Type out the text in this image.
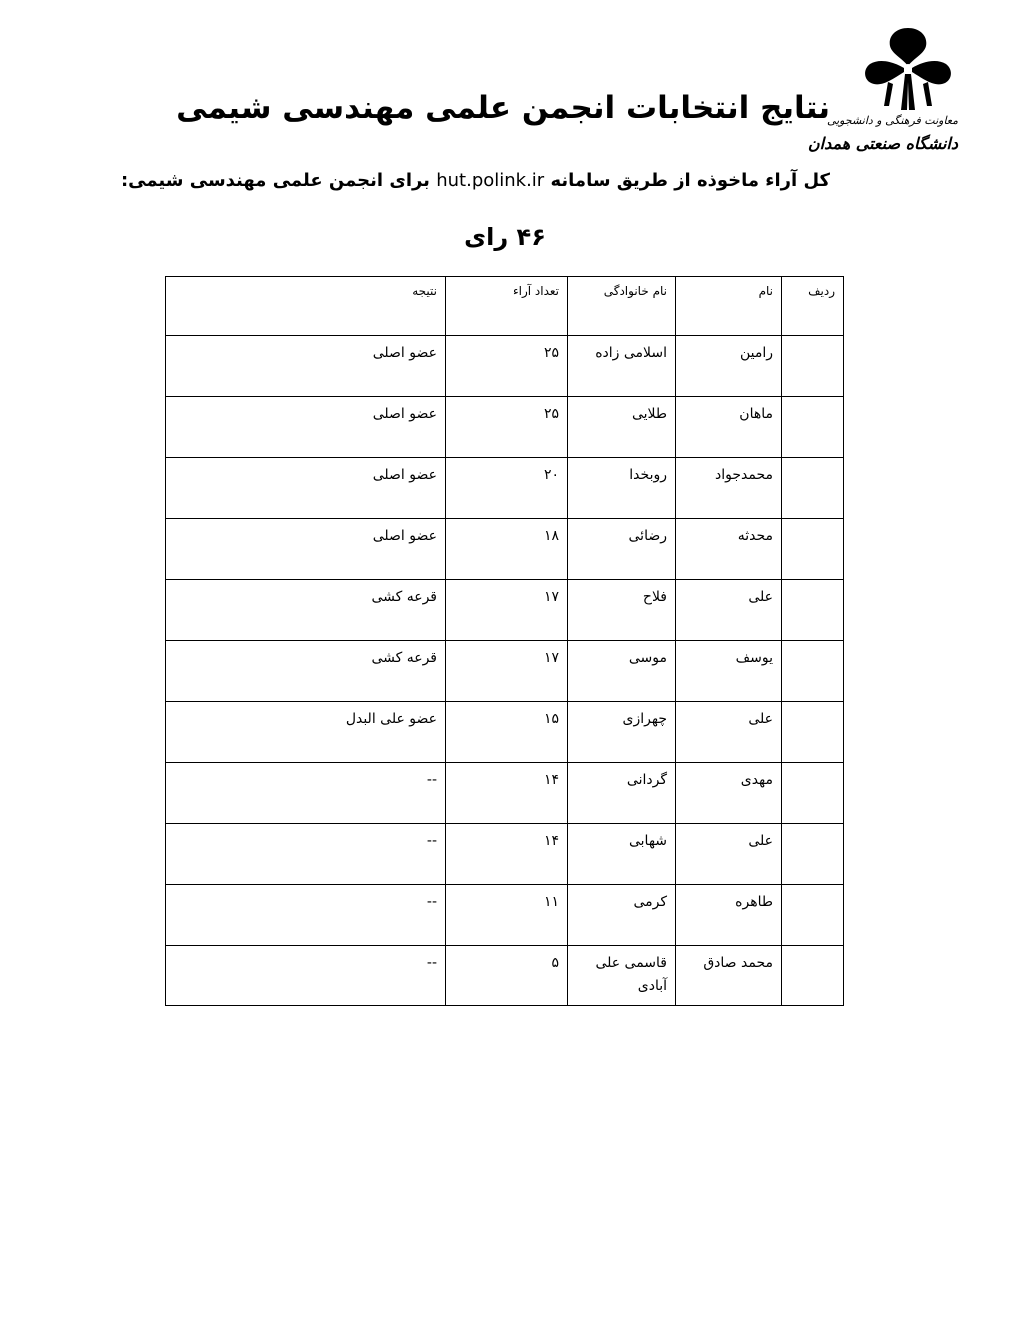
معاونت فرهنگی و دانشجویی
دانشگاه صنعتی همدان
نتایج انتخابات انجمن علمی مهندسی شیمی
کل آراء ماخوذه از طریق سامانه hut.polink.ir برای انجمن علمی مهندسی شیمی:
۴۶ رای
ردیف	نام	نام خانوادگی	تعداد آراء	نتیجه
	رامین	اسلامی زاده	۲۵	عضو اصلی
	ماهان	طلایی	۲۵	عضو اصلی
	محمدجواد	روبخدا	۲۰	عضو اصلی
	محدثه	رضائی	۱۸	عضو اصلی
	علی	فلاح	۱۷	قرعه کشی
	یوسف	موسی	۱۷	قرعه کشی
	علی	چهرازی	۱۵	عضو علی البدل
	مهدی	گردانی	۱۴	--
	علی	شهابی	۱۴	--
	طاهره	کرمی	۱۱	--
	محمد صادق	قاسمی علی آبادی	۵	--
